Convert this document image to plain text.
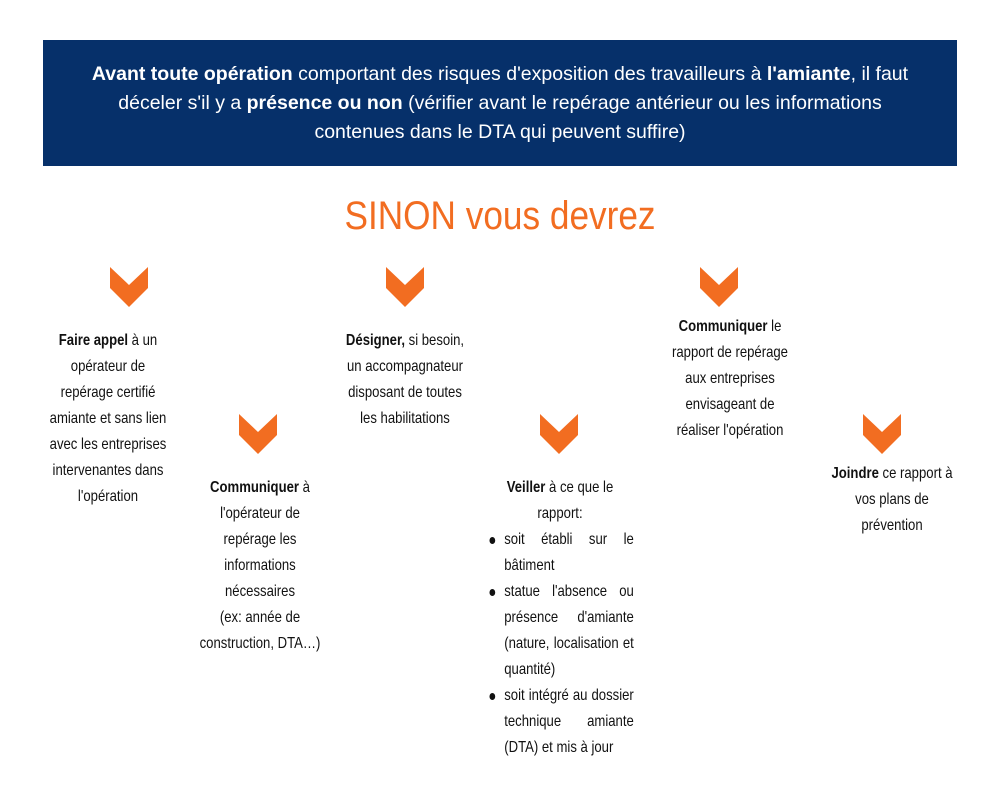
Avant toute opération comportant des risques d'exposition des travailleurs à l'amiante, il faut déceler s'il y a présence ou non (vérifier avant le repérage antérieur ou les informations contenues dans le DTA qui peuvent suffire)
SINON vous devrez
Faire appel à un opérateur de repérage certifié amiante et sans lien avec les entreprises intervenantes dans l'opération
Communiquer à l'opérateur de repérage les informations nécessaires
(ex: année de construction, DTA…)
Désigner, si besoin, un accompagnateur disposant de toutes les habilitations
Veiller à ce que le rapport:
soit établi sur le bâtiment
statue l'absence ou présence d'amiante (nature, localisation et quantité)
soit intégré au dossier technique amiante (DTA) et mis à jour
Communiquer le rapport de repérage aux entreprises envisageant de réaliser l'opération
Joindre ce rapport à vos plans de prévention
